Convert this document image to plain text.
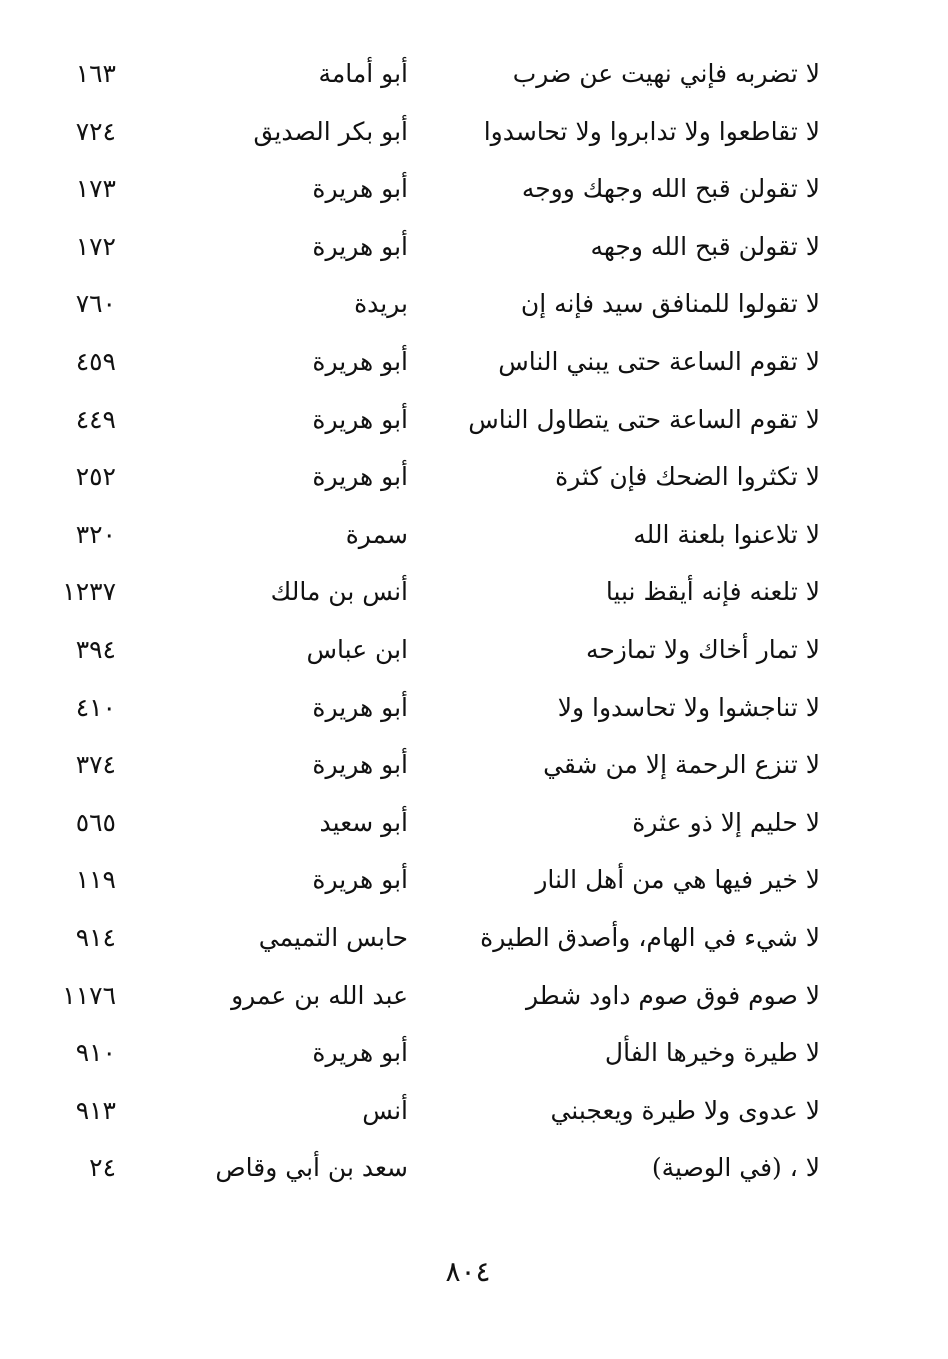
لا تضربه فإني نهيت عن ضرب
أبو أمامة
١٦٣
لا تقاطعوا ولا تدابروا ولا تحاسدوا
أبو بكر الصديق
٧٢٤
لا تقولن قبح الله وجهك ووجه
أبو هريرة
١٧٣
لا تقولن قبح الله وجهه
أبو هريرة
١٧٢
لا تقولوا للمنافق سيد فإنه إن
بريدة
٧٦٠
لا تقوم الساعة حتى يبني الناس
أبو هريرة
٤٥٩
لا تقوم الساعة حتى يتطاول الناس
أبو هريرة
٤٤٩
لا تكثروا الضحك فإن كثرة
أبو هريرة
٢٥٢
لا تلاعنوا بلعنة الله
سمرة
٣٢٠
لا تلعنه فإنه أيقظ نبيا
أنس بن مالك
١٢٣٧
لا تمار أخاك ولا تمازحه
ابن عباس
٣٩٤
لا تناجشوا ولا تحاسدوا ولا
أبو هريرة
٤١٠
لا تنزع الرحمة إلا من شقي
أبو هريرة
٣٧٤
لا حليم إلا ذو عثرة
أبو سعيد
٥٦٥
لا خير فيها هي من أهل النار
أبو هريرة
١١٩
لا شيء في الهام، وأصدق الطيرة
حابس التميمي
٩١٤
لا صوم فوق صوم داود شطر
عبد الله بن عمرو
١١٧٦
لا طيرة وخيرها الفأل
أبو هريرة
٩١٠
لا عدوى ولا طيرة ويعجبني
أنس
٩١٣
لا ، (في الوصية)
سعد بن أبي وقاص
٢٤
٨٠٤
